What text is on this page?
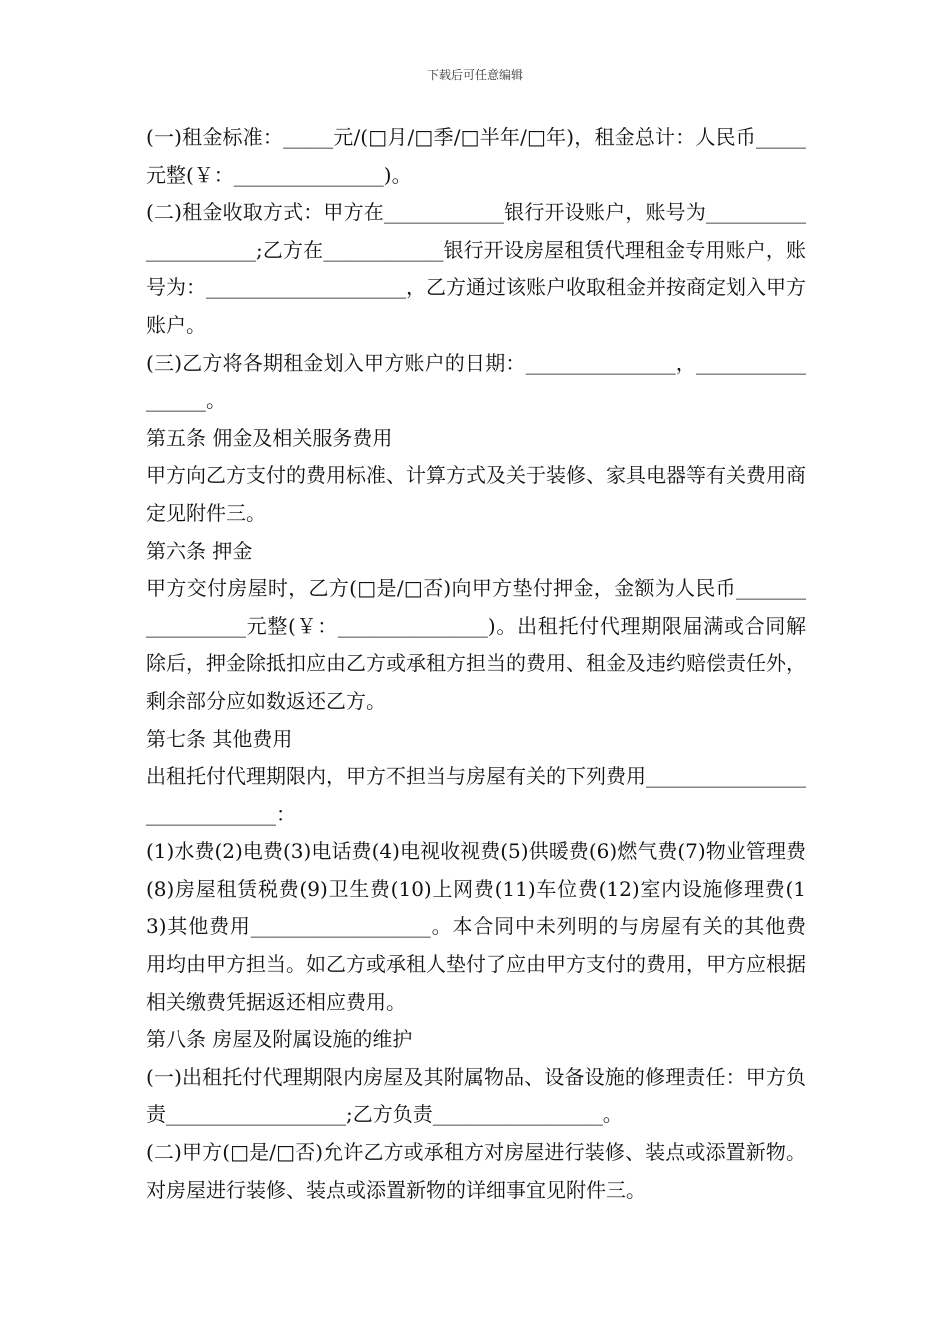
下载后可任意编辑

(一)租金标准：_____元/(□月/□季/□半年/□年)，租金总计：人民币_____元整(￥：_______________)。

(二)租金收取方式：甲方在____________银行开设账户，账号为_____________________;乙方在____________银行开设房屋租赁代理租金专用账户，账号为：____________________，乙方通过该账户收取租金并按商定划入甲方账户。

(三)乙方将各期租金划入甲方账户的日期：_______________，_________________。

第五条 佣金及相关服务费用

甲方向乙方支付的费用标准、计算方式及关于装修、家具电器等有关费用商定见附件三。

第六条 押金

甲方交付房屋时，乙方(□是/□否)向甲方垫付押金，金额为人民币_________________元整(￥：_______________)。出租托付代理期限届满或合同解除后，押金除抵扣应由乙方或承租方担当的费用、租金及违约赔偿责任外，剩余部分应如数返还乙方。

第七条 其他费用

出租托付代理期限内，甲方不担当与房屋有关的下列费用_____________________________：

(1)水费(2)电费(3)电话费(4)电视收视费(5)供暖费(6)燃气费(7)物业管理费(8)房屋租赁税费(9)卫生费(10)上网费(11)车位费(12)室内设施修理费(13)其他费用__________________。本合同中未列明的与房屋有关的其他费用均由甲方担当。如乙方或承租人垫付了应由甲方支付的费用，甲方应根据相关缴费凭据返还相应费用。

第八条 房屋及附属设施的维护

(一)出租托付代理期限内房屋及其附属物品、设备设施的修理责任：甲方负责__________________;乙方负责_________________。

(二)甲方(□是/□否)允许乙方或承租方对房屋进行装修、装点或添置新物。对房屋进行装修、装点或添置新物的详细事宜见附件三。
